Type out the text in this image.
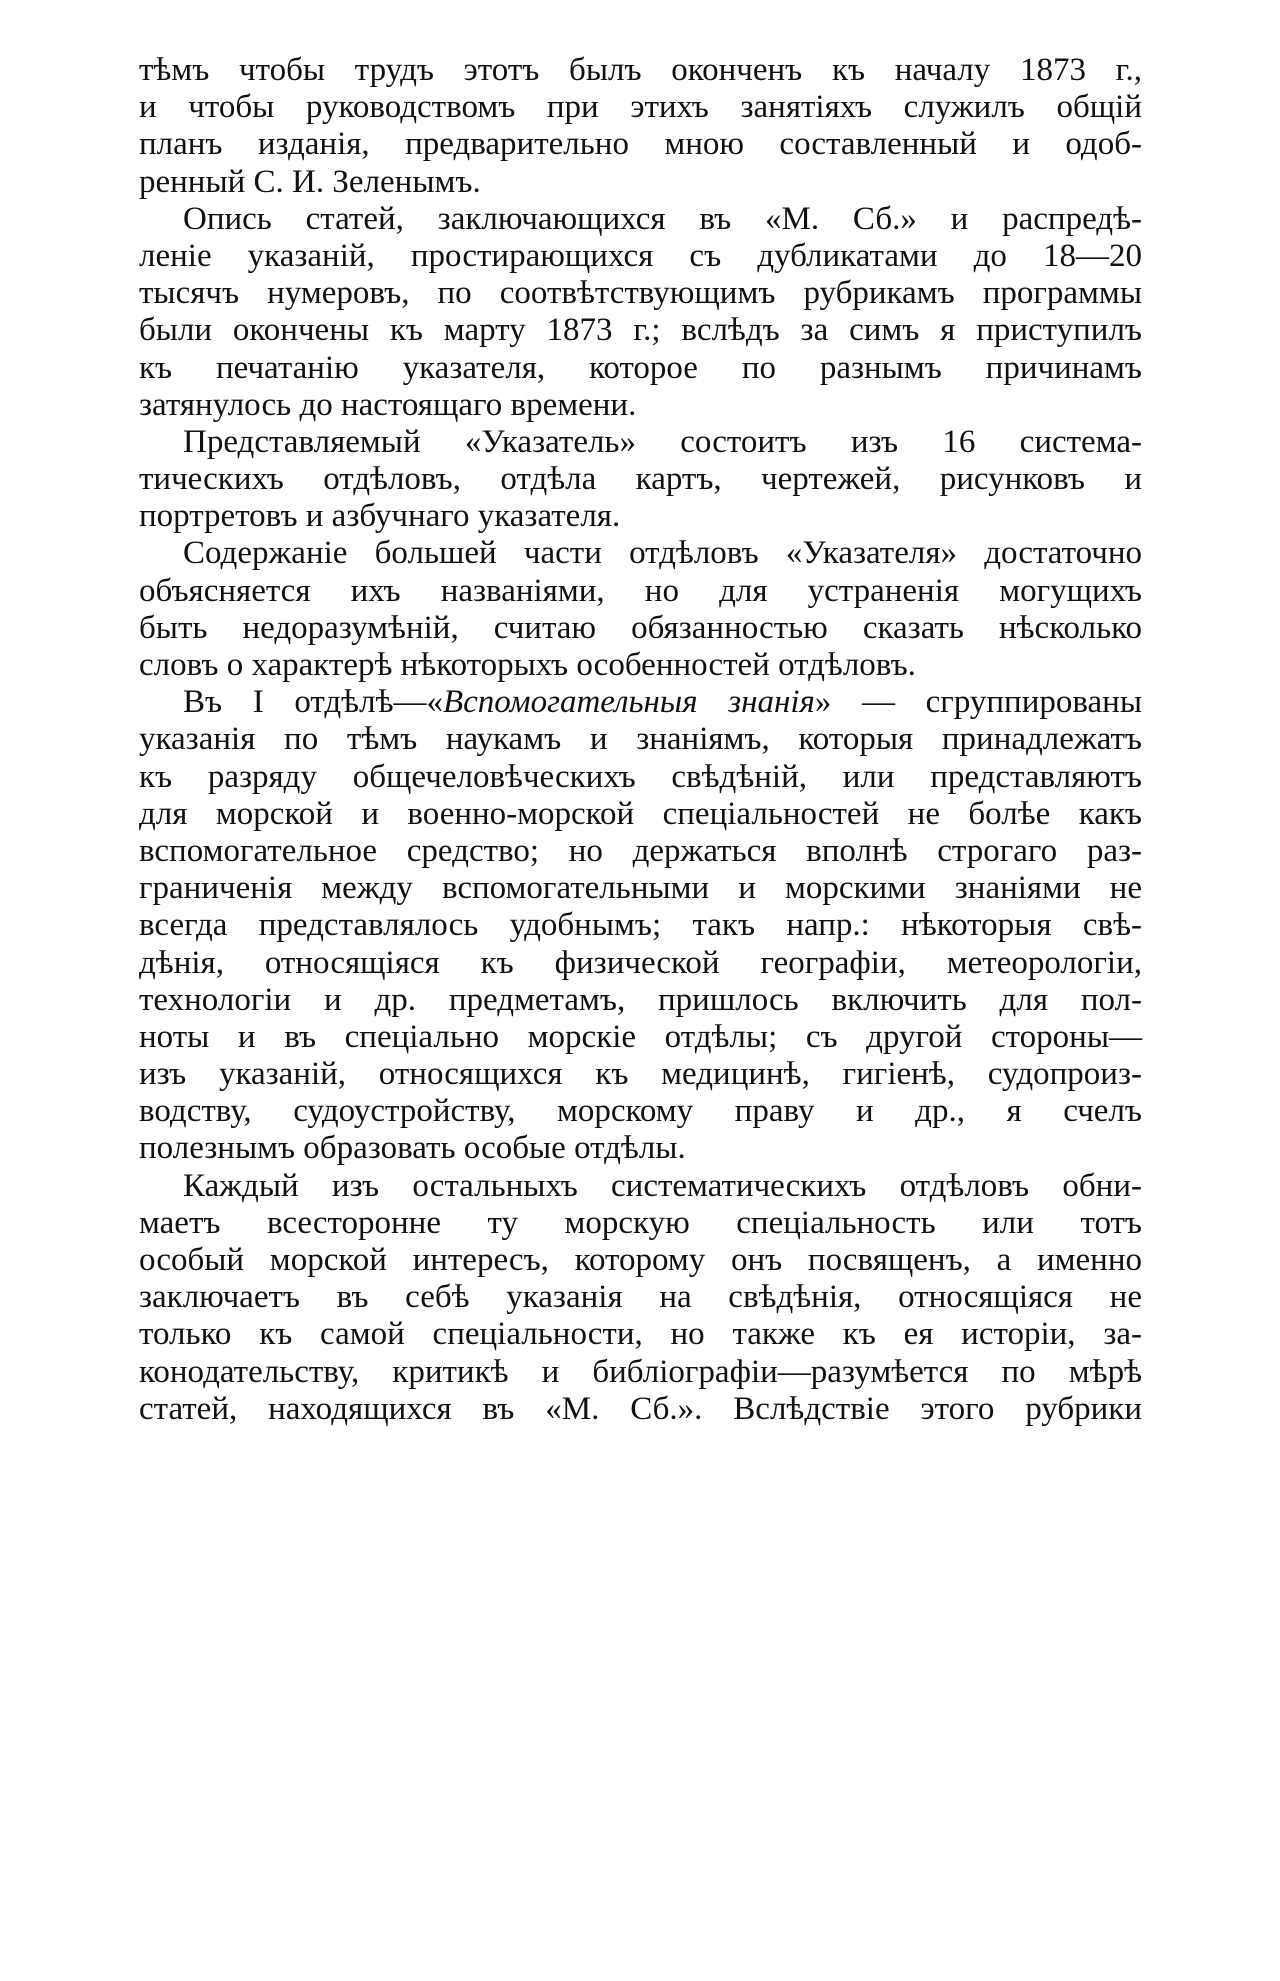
тѣмъ чтобы трудъ этотъ былъ оконченъ къ началу 1873 г.,
и чтобы руководствомъ при этихъ занятіяхъ служилъ общій
планъ изданія, предварительно мною составленный и одоб-
ренный С. И. Зеленымъ.
Опись статей, заключающихся въ «М. Сб.» и распредѣ-
леніе указаній, простирающихся съ дубликатами до 18—20
тысячъ нумеровъ, по соотвѣтствующимъ рубрикамъ программы
были окончены къ марту 1873 г.; вслѣдъ за симъ я приступилъ
къ печатанію указателя, которое по разнымъ причинамъ
затянулось до настоящаго времени.
Представляемый «Указатель» состоитъ изъ 16 система-
тическихъ отдѣловъ, отдѣла картъ, чертежей, рисунковъ и
портретовъ и азбучнаго указателя.
Содержаніе большей части отдѣловъ «Указателя» достаточно
объясняется ихъ названіями, но для устраненія могущихъ
быть недоразумѣній, считаю обязанностью сказать нѣсколько
словъ о характерѣ нѣкоторыхъ особенностей отдѣловъ.
Въ I отдѣлѣ—«Вспомогательныя знанія» — сгруппированы
указанія по тѣмъ наукамъ и знаніямъ, которыя принадлежатъ
къ разряду общечеловѣческихъ свѣдѣній, или представляютъ
для морской и военно-морской спеціальностей не болѣе какъ
вспомогательное средство; но держаться вполнѣ строгаго раз-
граниченія между вспомогательными и морскими знаніями не
всегда представлялось удобнымъ; такъ напр.: нѣкоторыя свѣ-
дѣнія, относящіяся къ физической географіи, метеорологіи,
технологіи и др. предметамъ, пришлось включить для пол-
ноты и въ спеціально морскіе отдѣлы; съ другой стороны—
изъ указаній, относящихся къ медицинѣ, гигіенѣ, судопроиз-
водству, судоустройству, морскому праву и др., я счелъ
полезнымъ образовать особые отдѣлы.
Каждый изъ остальныхъ систематическихъ отдѣловъ обни-
маетъ всесторонне ту морскую спеціальность или тотъ
особый морской интересъ, которому онъ посвященъ, а именно
заключаетъ въ себѣ указанія на свѣдѣнія, относящіяся не
только къ самой спеціальности, но также къ ея исторіи, за-
конодательству, критикѣ и библіографіи—разумѣется по мѣрѣ
статей, находящихся въ «М. Сб.». Вслѣдствіе этого рубрики
